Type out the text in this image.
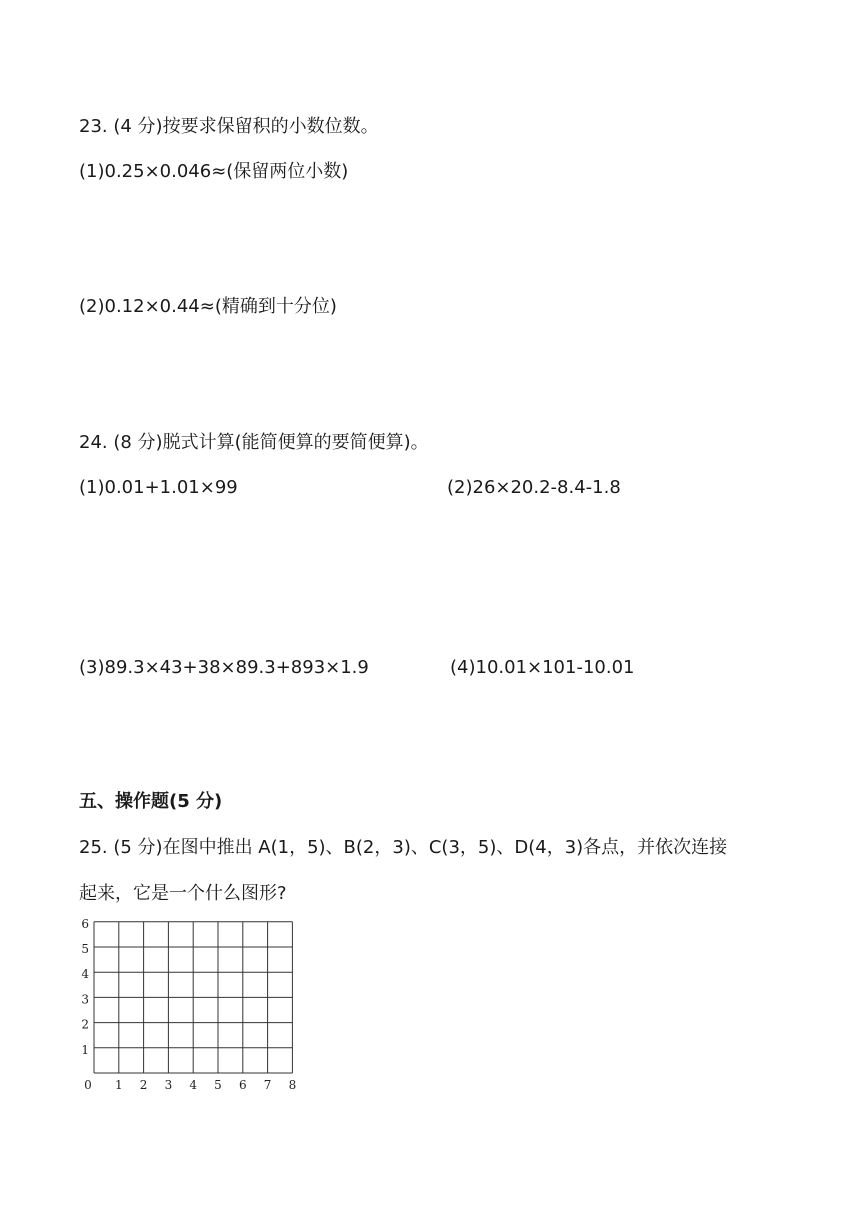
23. (4 分)按要求保留积的小数位数。
(1)0.25×0.046≈(保留两位小数)
(2)0.12×0.44≈(精确到十分位)
24. (8 分)脱式计算(能简便算的要简便算)。
(1)0.01+1.01×99	(2)26×20.2-8.4-1.8
(3)89.3×43+38×89.3+893×1.9	(4)10.01×101-10.01
五、操作题(5 分)
25. (5 分)在图中推出 A(1，5)、B(2，3)、C(3，5)、D(4，3)各点，并依次连接
起来，它是一个什么图形?
0 1 2 3 4 5 6 7 8
1
2
3
4
5
6
